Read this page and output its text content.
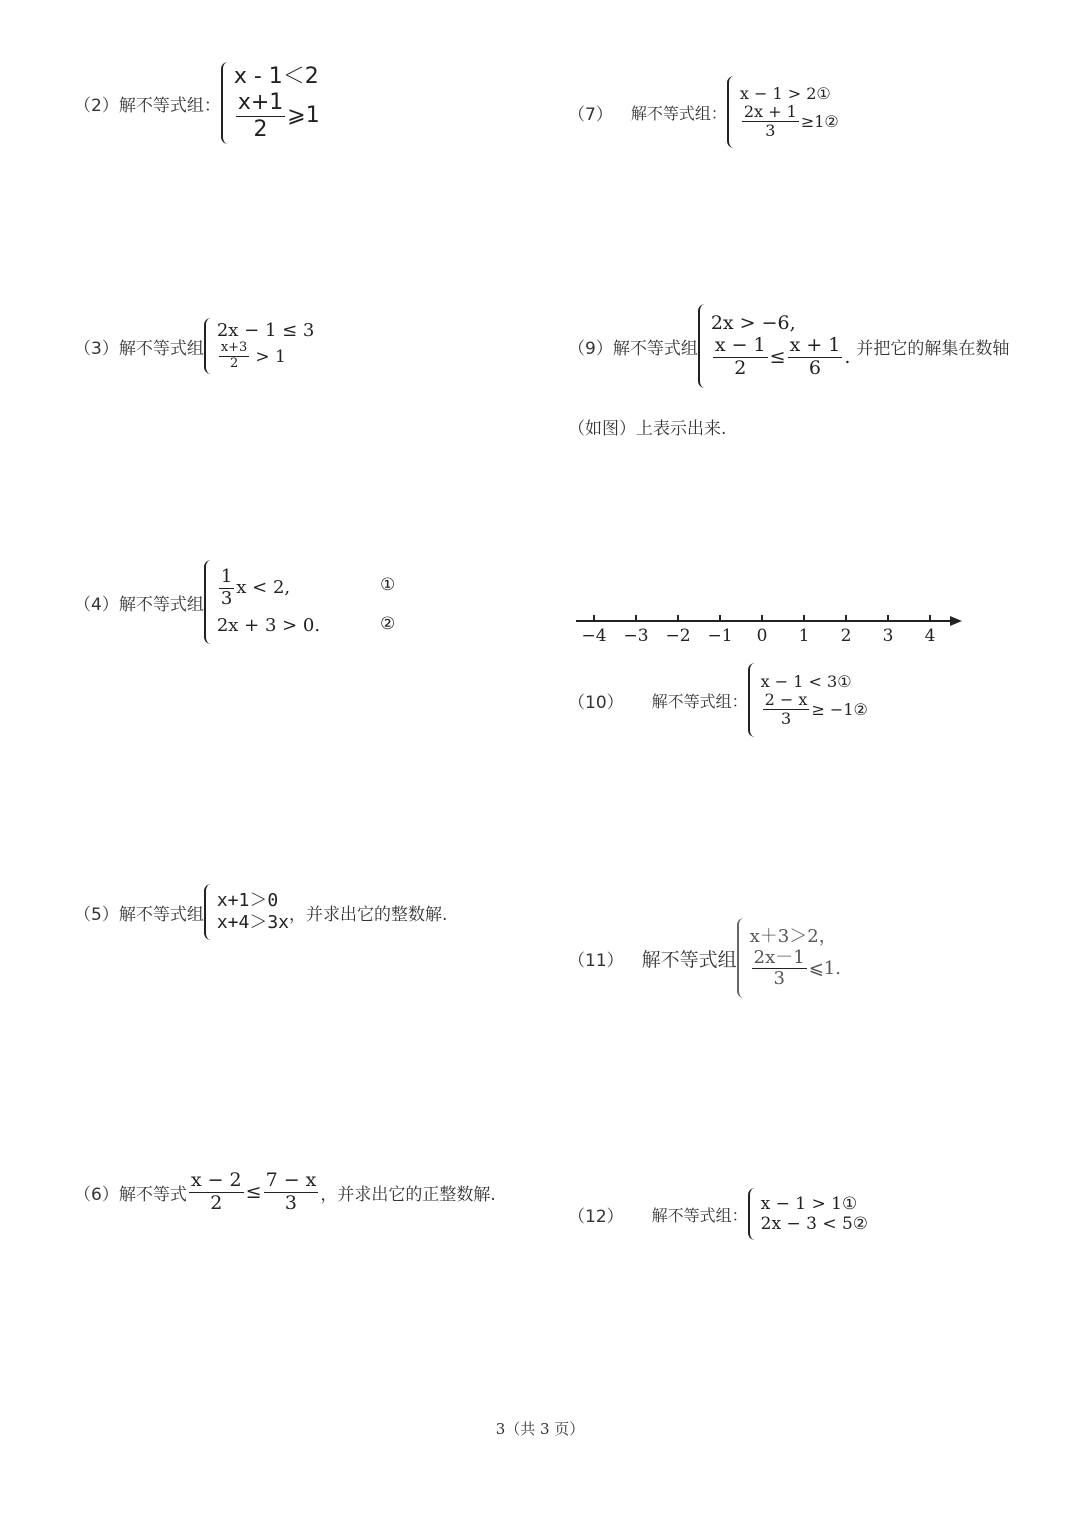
（2）解不等式组：
x - 1＜2
$\frac{x+1}{2}$ ⩾1	（7） 解不等式组：
x − 1 > 2①
$\frac{2x + 1}{3}$ ≥1②
（3）解不等式组
2x − 1 ≤ 3
$\frac{x+3}{2} > 1$	（9）解不等式组
2x > −6,
$\frac{x - 1}{2} \le \frac{x + 1}{6}$ . 并把它的解集在数轴
（如图）上表示出来.
（4）解不等式组 $\frac{1}{3}$ x < 2,
2x + 3 > 0.
①
②
−4 −3 −2 −1 0 1 2 3 4
（10） 解不等式组：
x − 1 < 3①
$\frac{2 - x}{3}$ ≥ −1②
（5）解不等式组
x+1＞0
x+4＞3x ，并求出它的整数解.
（11） 解不等式组
x＋3＞2，
$\frac{2x-1}{3}$ ⩽1.
（6）解不等式 $\frac{x - 2}{2} \le \frac{7 - x}{3}$ ，并求出它的正整数解.
（12） 解不等式组：
x − 1 > 1①
2x − 3 < 5②
3（共 3 页）
